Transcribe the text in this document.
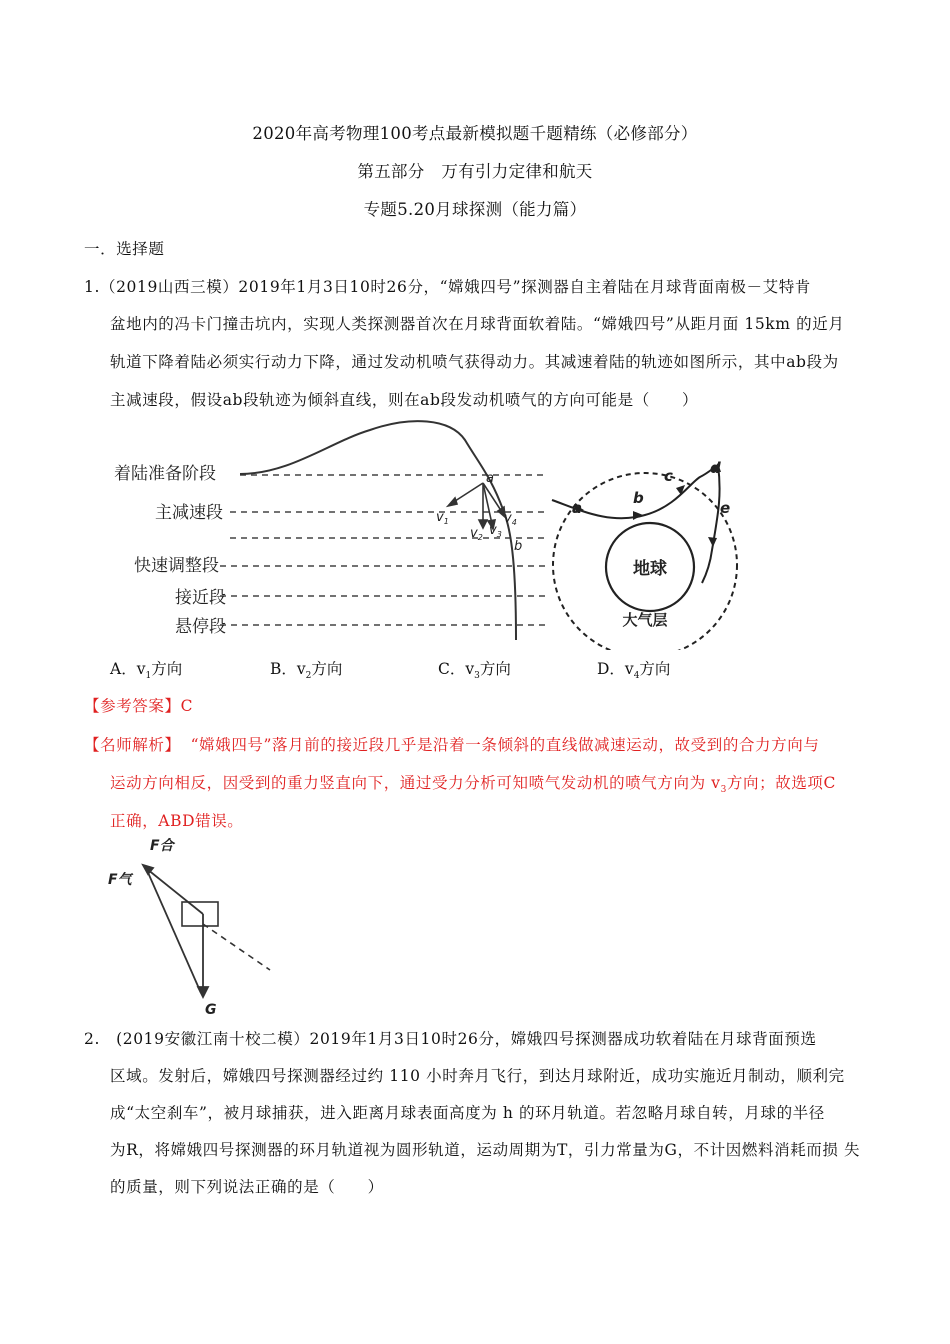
2020年高考物理100考点最新模拟题千题精练（必修部分）
第五部分　万有引力定律和航天
专题5.20月球探测（能力篇）
一．选择题
1.（2019山西三模）2019年1月3日10时26分，“嫦娥四号”探测器自主着陆在月球背面南极－艾特肯
盆地内的冯卡门撞击坑内，实现人类探测器首次在月球背面软着陆。“嫦娥四号”从距月面 15km 的近月
轨道下降着陆必须实行动力下降，通过发动机喷气获得动力。其减速着陆的轨迹如图所示，其中ab段为
主减速段，假设ab段轨迹为倾斜直线，则在ab段发动机喷气的方向可能是（　　）
着陆准备阶段
主减速段
快速调整段
接近段
悬停段
a
b
$v_1$
$v_2$ $v_3$
$v_4$
a
b
c d
e
地球
大气层
A．$v_1$方向	B．$v_2$方向	C．$v_3$方向	D．$v_4$方向
【参考答案】C
【名师解析】 “嫦娥四号”落月前的接近段几乎是沿着一条倾斜的直线做减速运动，故受到的合力方向与
运动方向相反，因受到的重力竖直向下，通过受力分析可知喷气发动机的喷气方向为 $v_3$方向；故选项C
正确，ABD错误。
F合
F气
G
2.　(2019安徽江南十校二模）2019年1月3日10时26分，嫦娥四号探测器成功软着陆在月球背面预选
区域。发射后，嫦娥四号探测器经过约 110 小时奔月飞行，到达月球附近，成功实施近月制动，顺利完
成“太空刹车”，被月球捕获，进入距离月球表面高度为 h 的环月轨道。若忽略月球自转，月球的半径
为R，将嫦娥四号探测器的环月轨道视为圆形轨道，运动周期为T，引力常量为G，不计因燃料消耗而损 失
的质量，则下列说法正确的是（　　）
